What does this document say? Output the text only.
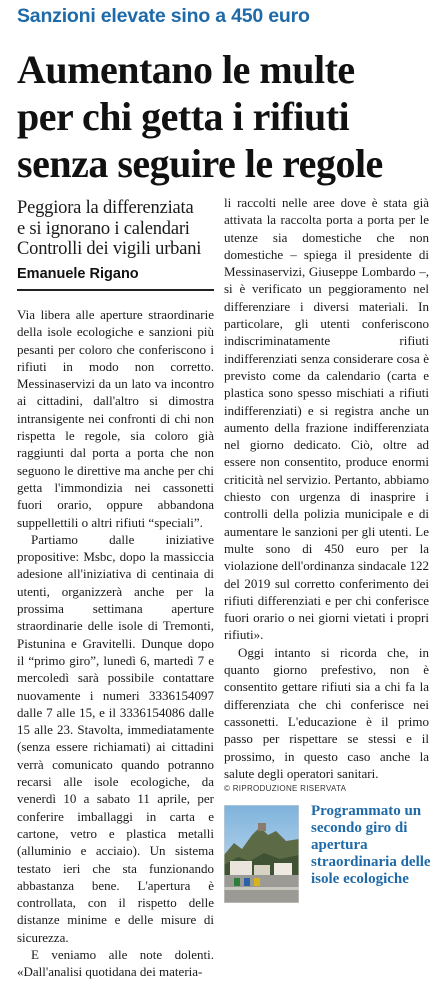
Sanzioni elevate sino a 450 euro
Aumentano le multe
per chi getta i rifiuti
senza seguire le regole
Peggiora la differenziata
e si ignorano i calendari
Controlli dei vigili urbani
Emanuele Rigano

Via libera alle aperture straordinarie della isole ecologiche e sanzioni più pesanti per coloro che conferiscono i rifiuti in modo non corretto. Messinaservizi da un lato va incontro ai cittadini, dall'altro si dimostra intransigente nei confronti di chi non rispetta le regole, sia coloro già raggiunti dal porta a porta che non seguono le direttive ma anche per chi getta l'immondizia nei cassonetti fuori orario, oppure abbandona suppellettili o altri rifiuti “speciali”.

Partiamo dalle iniziative propositive: Msbc, dopo la massiccia adesione all'iniziativa di centinaia di utenti, organizzerà anche per la prossima settimana aperture straordinarie delle isole di Tremonti, Pistunina e Gravitelli. Dunque dopo il “primo giro”, lunedì 6, martedì 7 e mercoledì sarà possibile contattare nuovamente i numeri 3336154097 dalle 7 alle 15, e il 3336154086 dalle 15 alle 23. Stavolta, immediatamente (senza essere richiamati) ai cittadini verrà comunicato quando potranno recarsi alle isole ecologiche, da venerdì 10 a sabato 11 aprile, per conferire imballaggi in carta e cartone, vetro e plastica metalli (alluminio e acciaio). Un sistema testato ieri che sta funzionando abbastanza bene. L'apertura è controllata, con il rispetto delle distanze minime e delle misure di sicurezza.

E veniamo alle note dolenti. «Dall'analisi quotidana dei materia-

li raccolti nelle aree dove è stata già attivata la raccolta porta a porta per le utenze sia domestiche che non domestiche – spiega il presidente di Messinaservizi, Giuseppe Lombardo –, si è verificato un peggioramento nel differenziare i diversi materiali. In particolare, gli utenti conferiscono indiscriminatamente rifiuti indifferenziati senza considerare cosa è previsto come da calendario (carta e plastica sono spesso mischiati a rifiuti indifferenziati) e si registra anche un aumento della frazione indifferenziata nel giorno dedicato. Ciò, oltre ad essere non consentito, produce enormi criticità nel servizio. Pertanto, abbiamo chiesto con urgenza di inasprire i controlli della polizia municipale e di aumentare le sanzioni per gli utenti. Le multe sono di 450 euro per la violazione dell'ordinanza sindacale 122 del 2019 sul corretto conferimento dei rifiuti differenziati e per chi conferisce fuori orario o nei giorni vietati i propri rifiuti».

Oggi intanto si ricorda che, in quanto giorno prefestivo, non è consentito gettare rifiuti sia a chi fa la differenziata che chi conferisce nei cassonetti. L'educazione è il primo passo per rispettare se stessi e il prossimo, in questo caso anche la salute degli operatori sanitari.

© RIPRODUZIONE RISERVATA
Programmato un secondo giro di apertura straordinaria delle isole ecologiche
